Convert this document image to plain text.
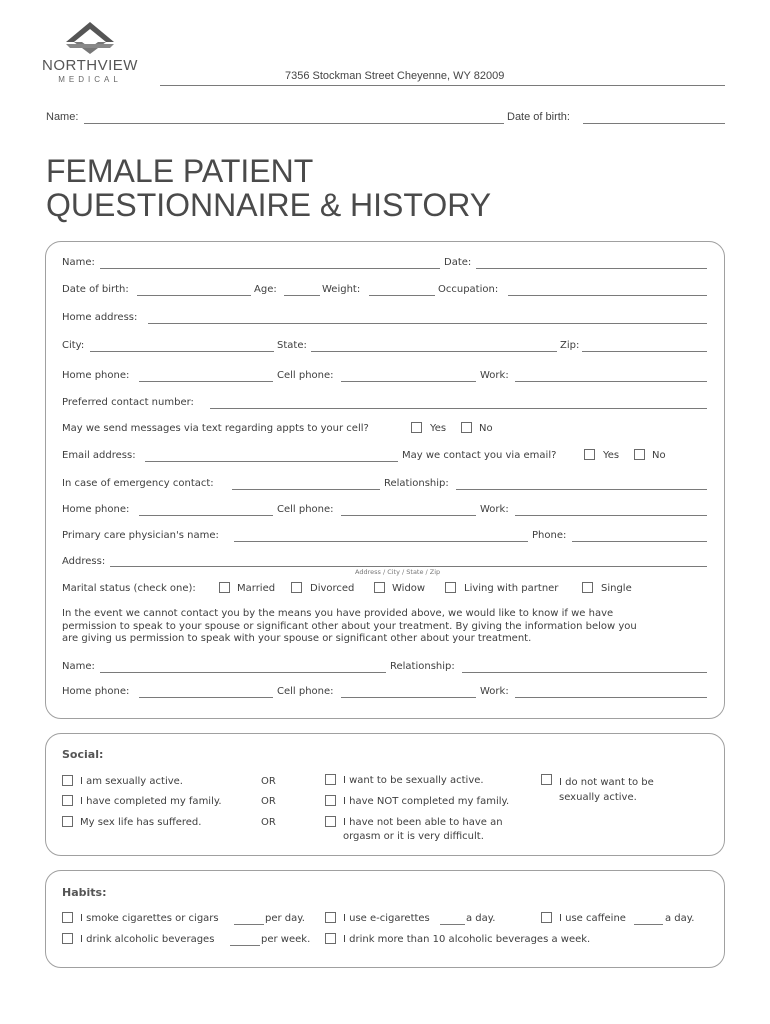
NORTHVIEW
MEDICAL	7356 Stockman Street Cheyenne, WY 82009
Name:	Date of birth:
FEMALE PATIENT
QUESTIONNAIRE & HISTORY
Name:	Date:
Date of birth:	Age:	Weight:	Occupation:
Home address:
City:	State:	Zip:
Home phone:	Cell phone:	Work:
Preferred contact number:
May we send messages via text regarding appts to your cell?	Yes	No
Email address:	May we contact you via email?	Yes	No
In case of emergency contact:	Relationship:
Home phone:	Cell phone:	Work:
Primary care physician's name:	Phone:
Address:
Address / City / State / Zip
Marital status (check one):	Married	Divorced	Widow	Living with partner	Single
In the event we cannot contact you by the means you have provided above, we would like to know if we have
permission to speak to your spouse or significant other about your treatment. By giving the information below you
are giving us permission to speak with your spouse or significant other about your treatment.
Name:	Relationship:
Home phone:	Cell phone:	Work:
Social:
I am sexually active.	OR	I want to be sexually active.	I do not want to be
sexually active.
I have completed my family.	OR	I have NOT completed my family.
My sex life has suffered.	OR	I have not been able to have an
orgasm or it is very difficult.
Habits:
I smoke cigarettes or cigars	per day.	I use e-cigarettes	a day.	I use caffeine	a day.
I drink alcoholic beverages	per week.	I drink more than 10 alcoholic beverages a week.
